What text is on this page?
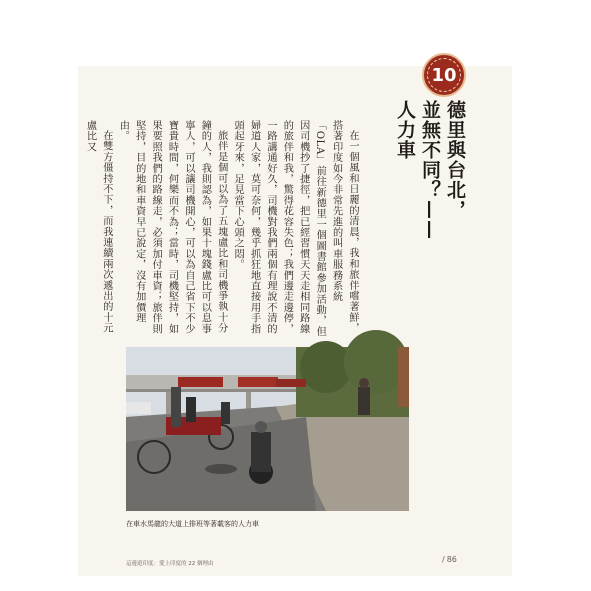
10
德里與台北，
並無不同？——
人力車

在一個風和日麗的清晨，我和旅伴嚐著鮮，搭著印度如今非常先進的叫車服務系統「OLA」前往新德里一個圖書館參加活動，但因司機抄了捷徑，把已經習慣天天走相同路線的旅伴和我，驚得花容失色；我們邊走邊停，一路講通好久，司機對我們兩個有理說不清的婦道人家，莫可奈何，幾乎抓狂地直接用手指頭起牙來，足見當下心頭之悶。

旅伴是個可以為了五塊盧比和司機爭執十分鐘的人，我則認為，如果十塊錢盧比可以息事寧人，可以讓司機開心，可以為自己省下不少寶貴時間，何樂而不為；當時，司機堅持，如果要照我們的路線走，必須加付車資；旅伴則堅持，目的地和車資早已說定，沒有加價理由。

在雙方僵持不下，而我連續兩次遞出的十元盧比又

在車水馬龍的大道上排班等著載客的人力車
這邊遊印度：愛上印度的 22 個理由	/ 86
